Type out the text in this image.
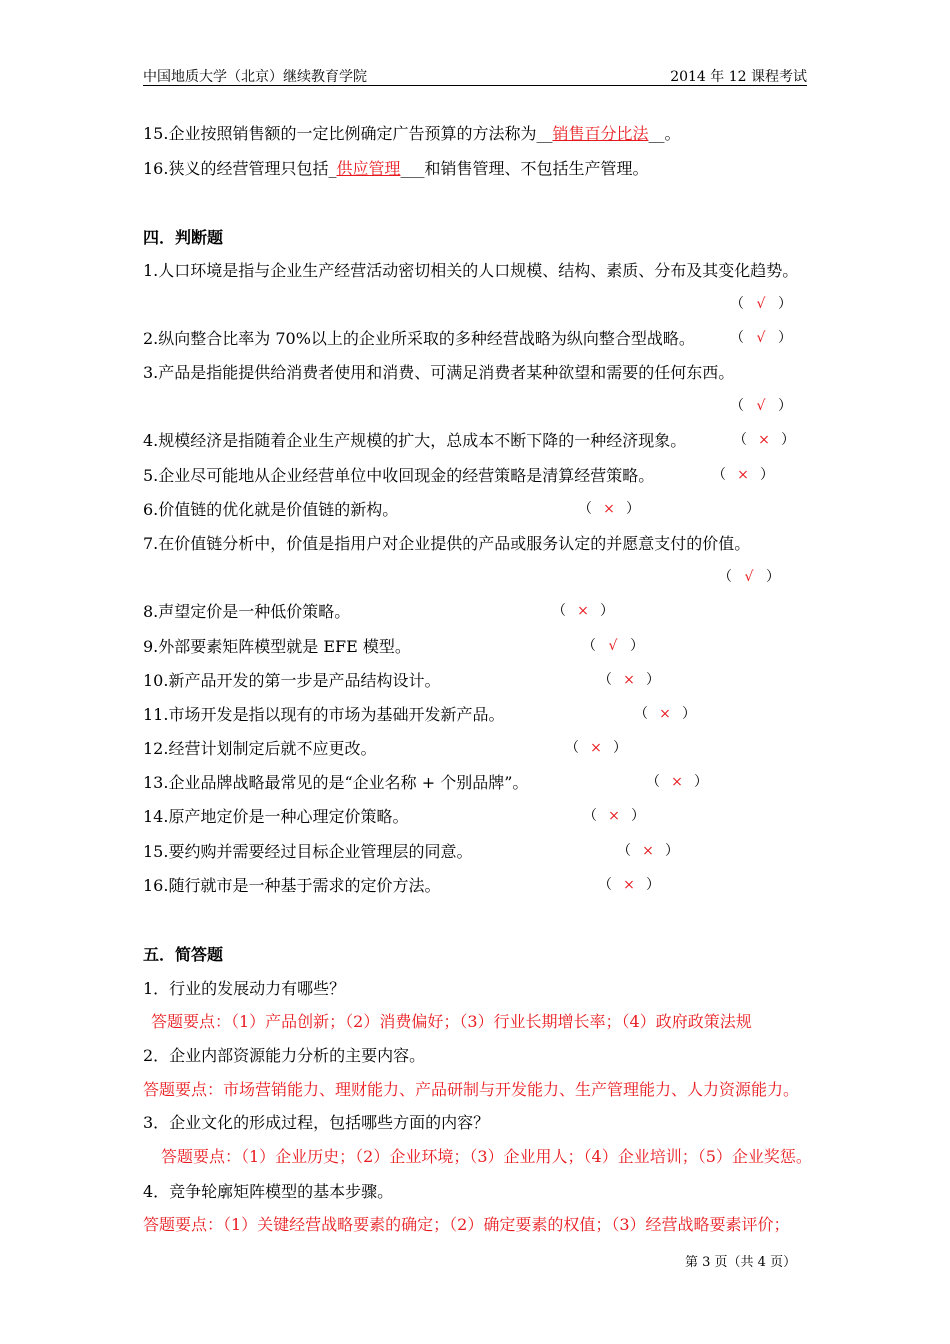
中国地质大学（北京）继续教育学院	2014 年 12 课程考试
15.企业按照销售额的一定比例确定广告预算的方法称为__销售百分比法__。
16.狭义的经营管理只包括_供应管理___和销售管理、不包括生产管理。
四．判断题
1.人口环境是指与企业生产经营活动密切相关的人口规模、结构、素质、分布及其变化趋势。
（ √ ）
2.纵向整合比率为 70%以上的企业所采取的多种经营战略为纵向整合型战略。	（ √ ）
3.产品是指能提供给消费者使用和消费、可满足消费者某种欲望和需要的任何东西。
（ √ ）
4.规模经济是指随着企业生产规模的扩大，总成本不断下降的一种经济现象。	（ × ）
5.企业尽可能地从企业经营单位中收回现金的经营策略是清算经营策略。	（ × ）
6.价值链的优化就是价值链的新构。	（ × ）
7.在价值链分析中，价值是指用户对企业提供的产品或服务认定的并愿意支付的价值。
（ √ ）
8.声望定价是一种低价策略。	（ × ）
9.外部要素矩阵模型就是 EFE 模型。	（ √ ）
10.新产品开发的第一步是产品结构设计。	（ × ）
11.市场开发是指以现有的市场为基础开发新产品。	（ × ）
12.经营计划制定后就不应更改。	（ × ）
13.企业品牌战略最常见的是“企业名称 + 个别品牌”。	（ × ）
14.原产地定价是一种心理定价策略。	（ × ）
15.要约购并需要经过目标企业管理层的同意。	（ × ）
16.随行就市是一种基于需求的定价方法。	（ × ）
五．简答题
1．行业的发展动力有哪些？
答题要点：（1）产品创新；（2）消费偏好；（3）行业长期增长率；（4）政府政策法规
2．企业内部资源能力分析的主要内容。
答题要点：市场营销能力、理财能力、产品研制与开发能力、生产管理能力、人力资源能力。
3．企业文化的形成过程，包括哪些方面的内容？
答题要点：（1）企业历史；（2）企业环境；（3）企业用人；（4）企业培训；（5）企业奖惩。
4．竞争轮廓矩阵模型的基本步骤。
答题要点：（1）关键经营战略要素的确定；（2）确定要素的权值；（3）经营战略要素评价；
第 3 页（共 4 页）
